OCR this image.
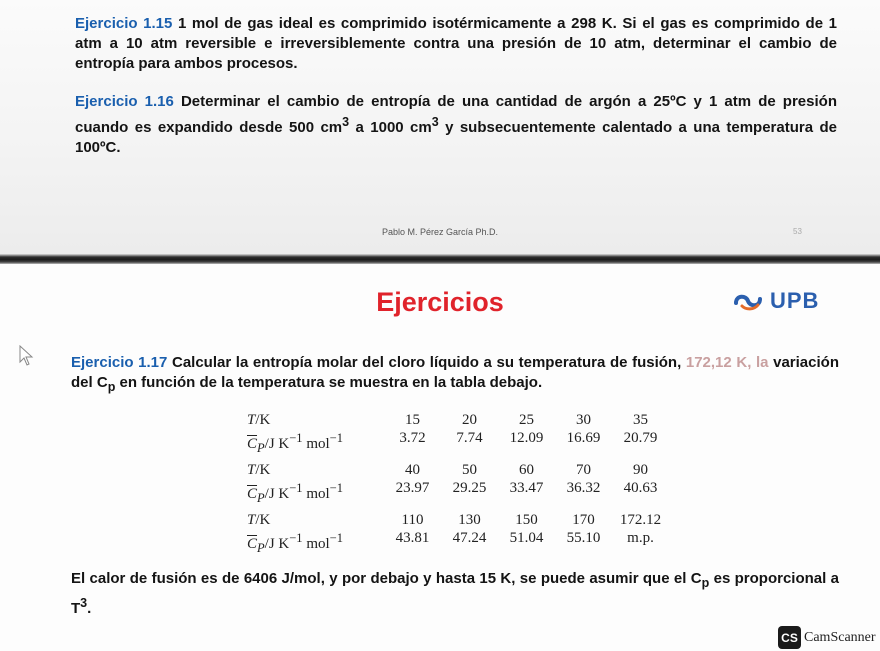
Ejercicio 1.15 1 mol de gas ideal es comprimido isotérmicamente a 298 K. Si el gas es comprimido de 1 atm a 10 atm reversible e irreversiblemente contra una presión de 10 atm, determinar el cambio de entropía para ambos procesos.
Ejercicio 1.16 Determinar el cambio de entropía de una cantidad de argón a 25ºC y 1 atm de presión cuando es expandido desde 500 $cm^3$ a 1000 $cm^3$ y subsecuentemente calentado a una temperatura de 100ºC.
Pablo M. Pérez García Ph.D.	53
Ejercicios	UPB
Ejercicio 1.17 Calcular la entropía molar del cloro líquido a su temperatura de fusión, 172,12 K, la variación del $C_p$ en función de la temperatura se muestra en la tabla debajo.
T/K	15	20	25	30	35
$\overline{C}_P/J$ $K^{-1}$ mol$^{-1}$	3.72	7.74	12.09	16.69	20.79
T/K	40	50	60	70	90
$\overline{C}_P/J$ $K^{-1}$ mol$^{-1}$	23.97	29.25	33.47	36.32	40.63
T/K	110	130	150	170	172.12
$\overline{C}_P/J$ $K^{-1}$ mol$^{-1}$	43.81	47.24	51.04	55.10	m.p.
El calor de fusión es de 6406 J/mol, y por debajo y hasta 15 K, se puede asumir que el $C_p$ es proporcional a $T^3$.
CS CamScanner
